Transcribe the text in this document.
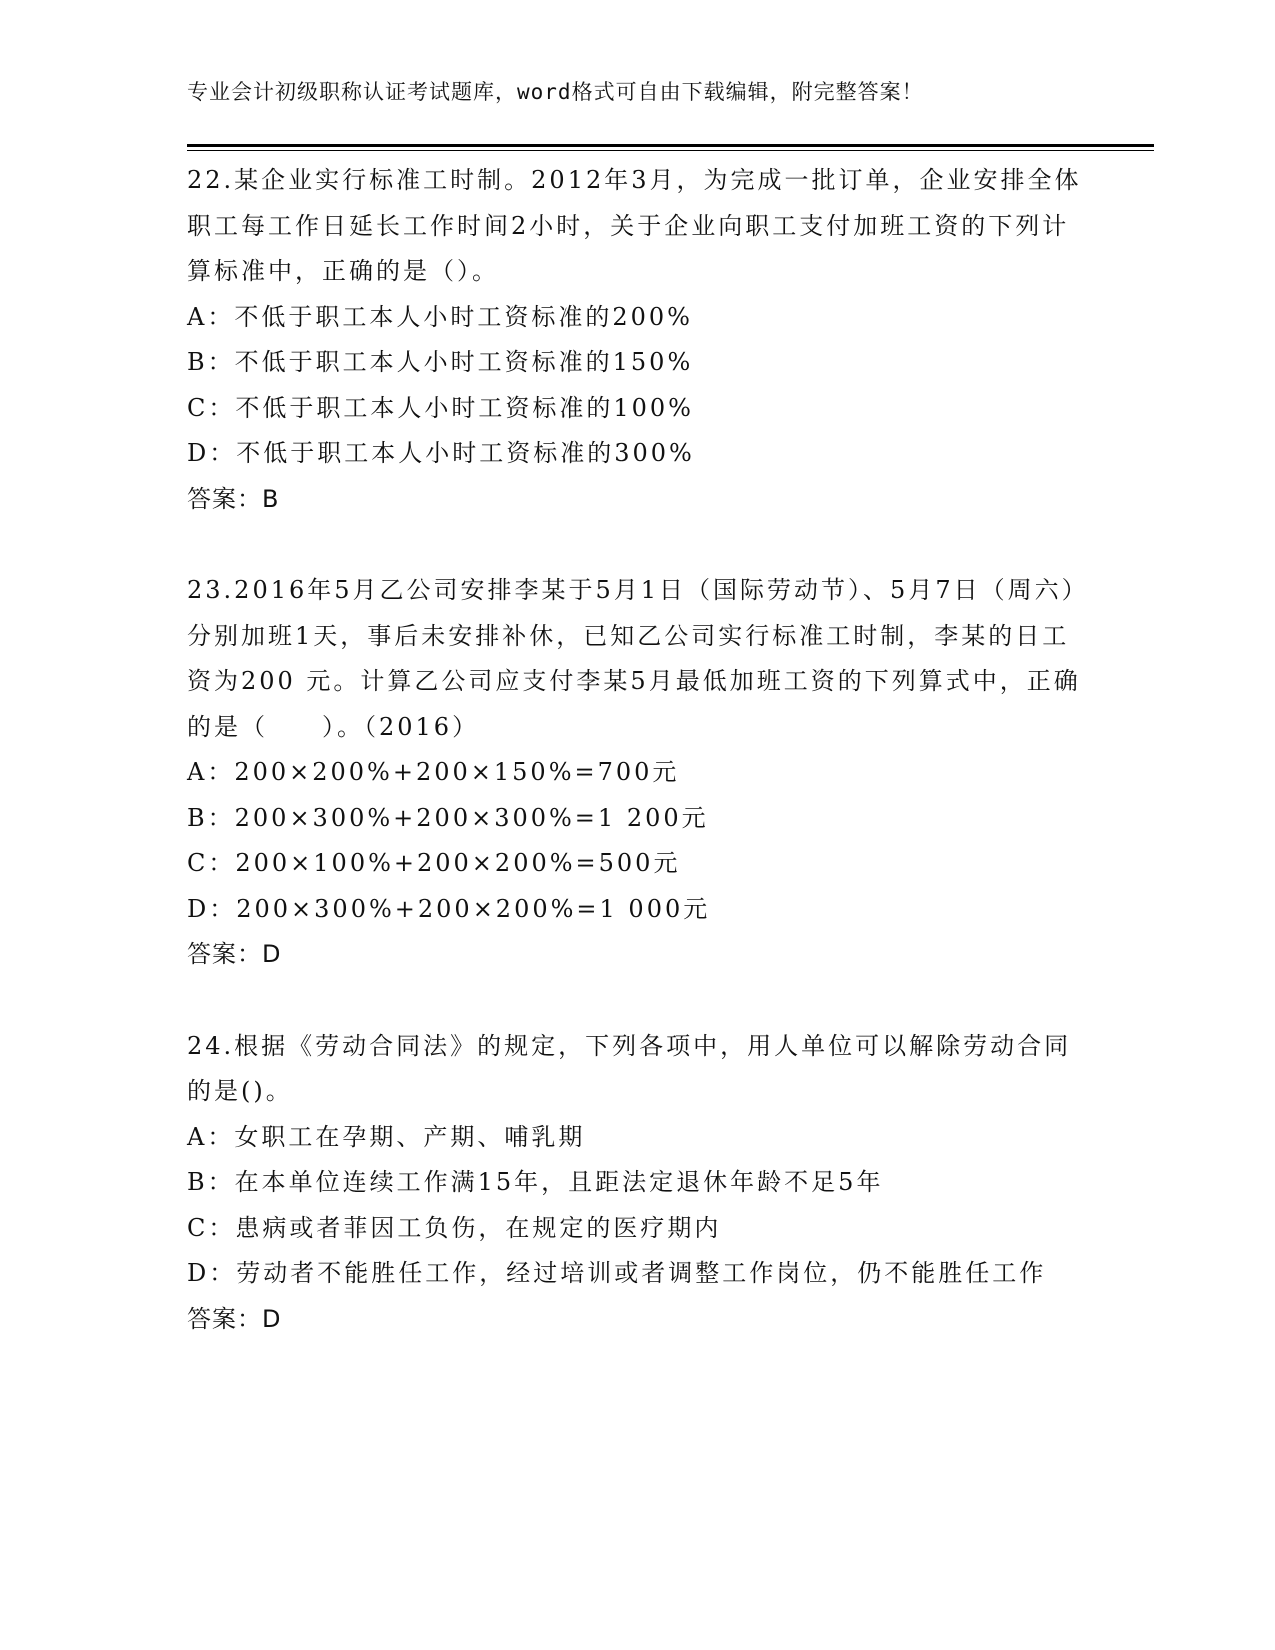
专业会计初级职称认证考试题库，word格式可自由下载编辑，附完整答案！

22.某企业实行标准工时制。2012年3月，为完成一批订单，企业安排全体职工每工作日延长工作时间2小时，关于企业向职工支付加班工资的下列计算标准中，正确的是（）。

A：不低于职工本人小时工资标准的200%

B：不低于职工本人小时工资标准的150%

C：不低于职工本人小时工资标准的100%

D：不低于职工本人小时工资标准的300%

答案：B

23.2016年5月乙公司安排李某于5月1日（国际劳动节）、5月7日（周六）分别加班1天，事后未安排补休，已知乙公司实行标准工时制，李某的日工资为200 元。计算乙公司应支付李某5月最低加班工资的下列算式中，正确的是（　　）。（2016）

A：200×200%+200×150%=700元

B：200×300%+200×300%=1 200元

C：200×100%+200×200%=500元

D：200×300%+200×200%=1 000元

答案：D

24.根据《劳动合同法》的规定，下列各项中，用人单位可以解除劳动合同的是()。

A：女职工在孕期、产期、哺乳期

B：在本单位连续工作满15年，且距法定退休年龄不足5年

C：患病或者菲因工负伤，在规定的医疗期内

D：劳动者不能胜任工作，经过培训或者调整工作岗位，仍不能胜任工作

答案：D
